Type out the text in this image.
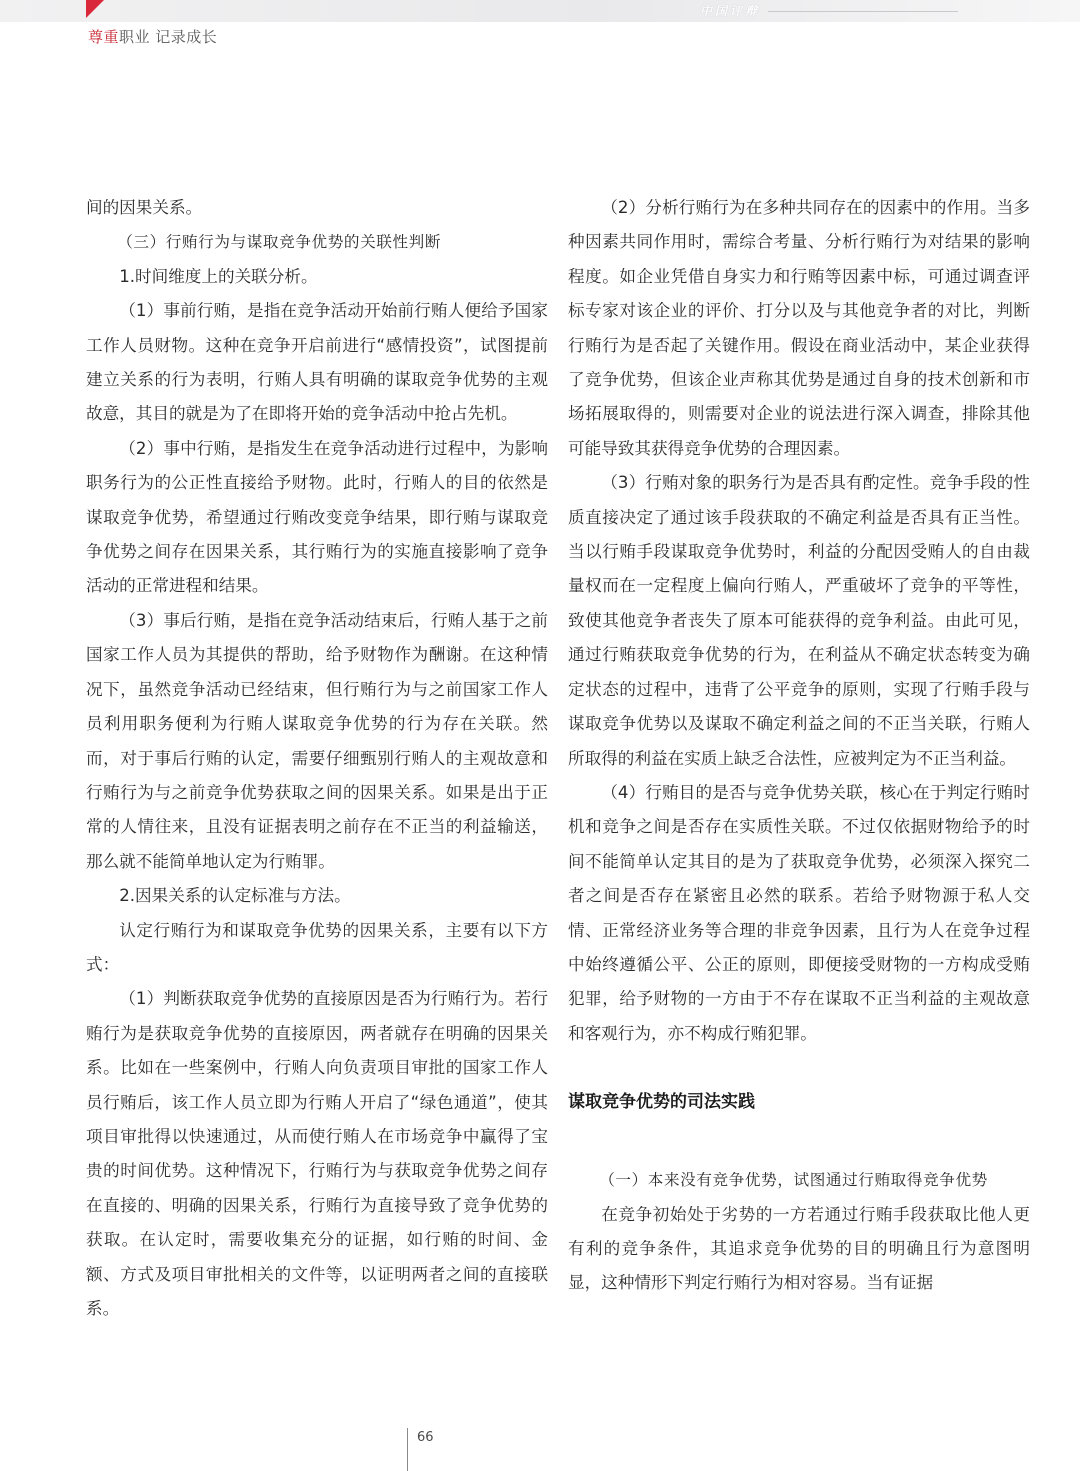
中国评辩
尊重职业 记录成长

间的因果关系。

（三）行贿行为与谋取竞争优势的关联性判断

1.时间维度上的关联分析。

（1）事前行贿，是指在竞争活动开始前行贿人便给予国家工作人员财物。这种在竞争开启前进行“感情投资”，试图提前建立关系的行为表明，行贿人具有明确的谋取竞争优势的主观故意，其目的就是为了在即将开始的竞争活动中抢占先机。

（2）事中行贿，是指发生在竞争活动进行过程中，为影响职务行为的公正性直接给予财物。此时，行贿人的目的依然是谋取竞争优势，希望通过行贿改变竞争结果，即行贿与谋取竞争优势之间存在因果关系，其行贿行为的实施直接影响了竞争活动的正常进程和结果。

（3）事后行贿，是指在竞争活动结束后，行贿人基于之前国家工作人员为其提供的帮助，给予财物作为酬谢。在这种情况下，虽然竞争活动已经结束，但行贿行为与之前国家工作人员利用职务便利为行贿人谋取竞争优势的行为存在关联。然而，对于事后行贿的认定，需要仔细甄别行贿人的主观故意和行贿行为与之前竞争优势获取之间的因果关系。如果是出于正常的人情往来，且没有证据表明之前存在不正当的利益输送，那么就不能简单地认定为行贿罪。

2.因果关系的认定标准与方法。

认定行贿行为和谋取竞争优势的因果关系，主要有以下方式：

（1）判断获取竞争优势的直接原因是否为行贿行为。若行贿行为是获取竞争优势的直接原因，两者就存在明确的因果关系。比如在一些案例中，行贿人向负责项目审批的国家工作人员行贿后，该工作人员立即为行贿人开启了“绿色通道”，使其项目审批得以快速通过，从而使行贿人在市场竞争中赢得了宝贵的时间优势。这种情况下，行贿行为与获取竞争优势之间存在直接的、明确的因果关系，行贿行为直接导致了竞争优势的获取。在认定时，需要收集充分的证据，如行贿的时间、金额、方式及项目审批相关的文件等，以证明两者之间的直接联系。

（2）分析行贿行为在多种共同存在的因素中的作用。当多种因素共同作用时，需综合考量、分析行贿行为对结果的影响程度。如企业凭借自身实力和行贿等因素中标，可通过调查评标专家对该企业的评价、打分以及与其他竞争者的对比，判断行贿行为是否起了关键作用。假设在商业活动中，某企业获得了竞争优势，但该企业声称其优势是通过自身的技术创新和市场拓展取得的，则需要对企业的说法进行深入调查，排除其他可能导致其获得竞争优势的合理因素。

（3）行贿对象的职务行为是否具有酌定性。竞争手段的性质直接决定了通过该手段获取的不确定利益是否具有正当性。当以行贿手段谋取竞争优势时，利益的分配因受贿人的自由裁量权而在一定程度上偏向行贿人，严重破坏了竞争的平等性，致使其他竞争者丧失了原本可能获得的竞争利益。由此可见，通过行贿获取竞争优势的行为，在利益从不确定状态转变为确定状态的过程中，违背了公平竞争的原则，实现了行贿手段与谋取竞争优势以及谋取不确定利益之间的不正当关联，行贿人所取得的利益在实质上缺乏合法性，应被判定为不正当利益。

（4）行贿目的是否与竞争优势关联，核心在于判定行贿时机和竞争之间是否存在实质性关联。不过仅依据财物给予的时间不能简单认定其目的是为了获取竞争优势，必须深入探究二者之间是否存在紧密且必然的联系。若给予财物源于私人交情、正常经济业务等合理的非竞争因素，且行为人在竞争过程中始终遵循公平、公正的原则，即便接受财物的一方构成受贿犯罪，给予财物的一方由于不存在谋取不正当利益的主观故意和客观行为，亦不构成行贿犯罪。

谋取竞争优势的司法实践

（一）本来没有竞争优势，试图通过行贿取得竞争优势

在竞争初始处于劣势的一方若通过行贿手段获取比他人更有利的竞争条件，其追求竞争优势的目的明确且行为意图明显，这种情形下判定行贿行为相对容易。当有证据

66
